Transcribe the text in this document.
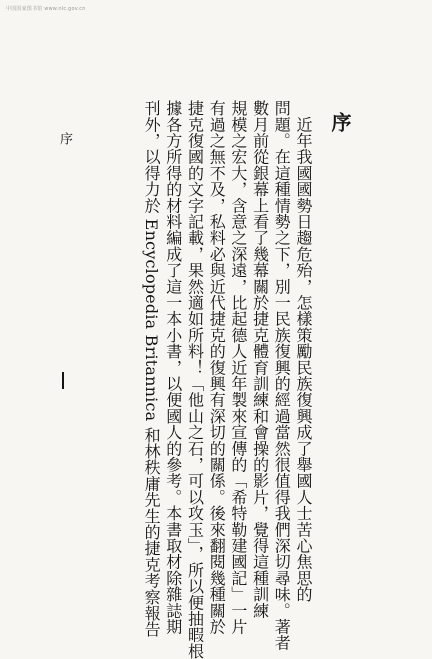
中国国家图书馆 www.nlc.gov.cn
序
　近年我國國勢日趨危殆，怎樣策勵民族復興成了舉國人士苦心焦思的
問題。在這種情勢之下，別一民族復興的經過當然很值得我們深切尋味。著者
數月前從銀幕上看了幾幕關於捷克體育訓練和會操的影片，覺得這種訓練
規模之宏大，含意之深遠，比起德人近年製來宣傳的「希特勒建國記」一片
有過之無不及，私料必與近代捷克的復興有深切的關係。後來翻閱幾種關於
捷克復國的文字記載，果然適如所料！「他山之石，可以攻玉」，所以便抽暇根
據各方所得的材料編成了這一本小書，以便國人的參考。本書取材除雜誌期
刊外，以得力於 Encyclopedia Britannica 和林秩庸先生的捷克考察報告
序
